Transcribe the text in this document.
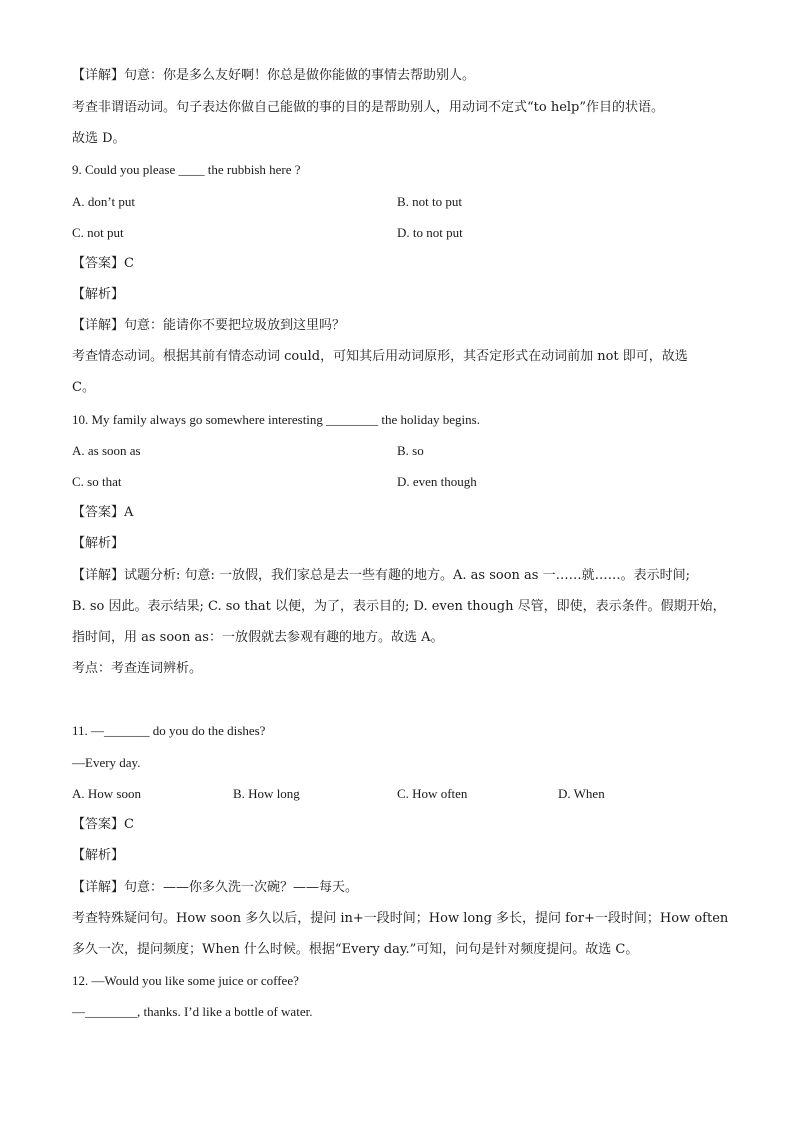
【详解】句意：你是多么友好啊！你总是做你能做的事情去帮助别人。
考查非谓语动词。句子表达你做自己能做的事的目的是帮助别人，用动词不定式“to help”作目的状语。
故选 D。
9. Could you please ____ the rubbish here ?
A. don’t put	B. not to put
C. not put	D. to not put
【答案】C
【解析】
【详解】句意：能请你不要把垃圾放到这里吗？
考查情态动词。根据其前有情态动词 could，可知其后用动词原形，其否定形式在动词前加 not 即可，故选
C。
10. My family always go somewhere interesting ________ the holiday begins.
A. as soon as	B. so
C. so that	D. even though
【答案】A
【解析】
【详解】试题分析: 句意: 一放假，我们家总是去一些有趣的地方。A. as soon as 一……就……。表示时间;
B. so 因此。表示结果; C. so that 以便，为了，表示目的; D. even though 尽管，即使，表示条件。假期开始，
指时间，用 as soon as：一放假就去参观有趣的地方。故选 A。
考点：考查连词辨析。
11. —_______ do you do the dishes?
—Every day.
A. How soon	B. How long	C. How often	D. When
【答案】C
【解析】
【详解】句意：——你多久洗一次碗？——每天。
考查特殊疑问句。How soon 多久以后，提问 in+一段时间；How long 多长，提问 for+一段时间；How often
多久一次，提问频度；When 什么时候。根据“Every day.”可知，问句是针对频度提问。故选 C。
12. —Would you like some juice or coffee?
—________, thanks. I’d like a bottle of water.
